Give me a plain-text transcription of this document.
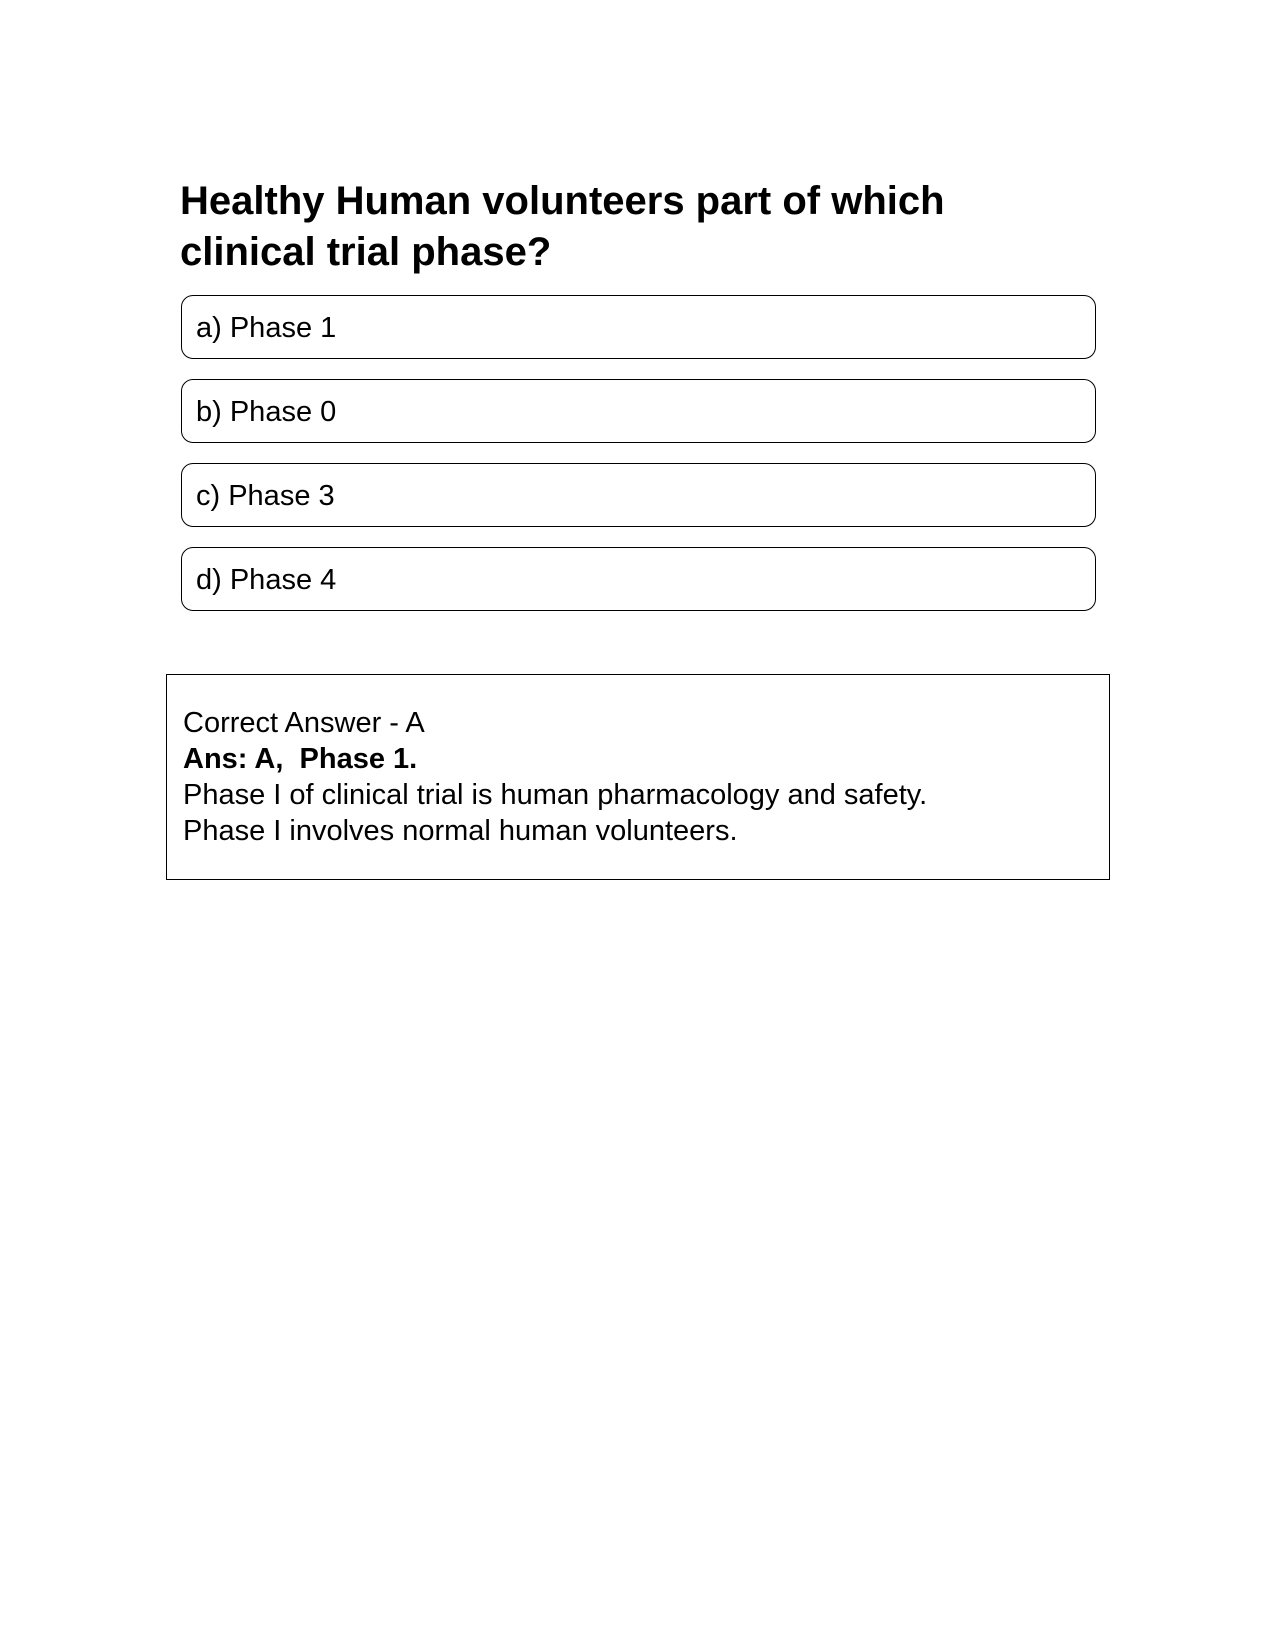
Healthy Human volunteers part of which clinical trial phase?
a) Phase 1
b) Phase 0
c) Phase 3
d) Phase 4
Correct Answer - A
Ans: A,  Phase 1.
Phase I of clinical trial is human pharmacology and safety.
Phase I involves normal human volunteers.
